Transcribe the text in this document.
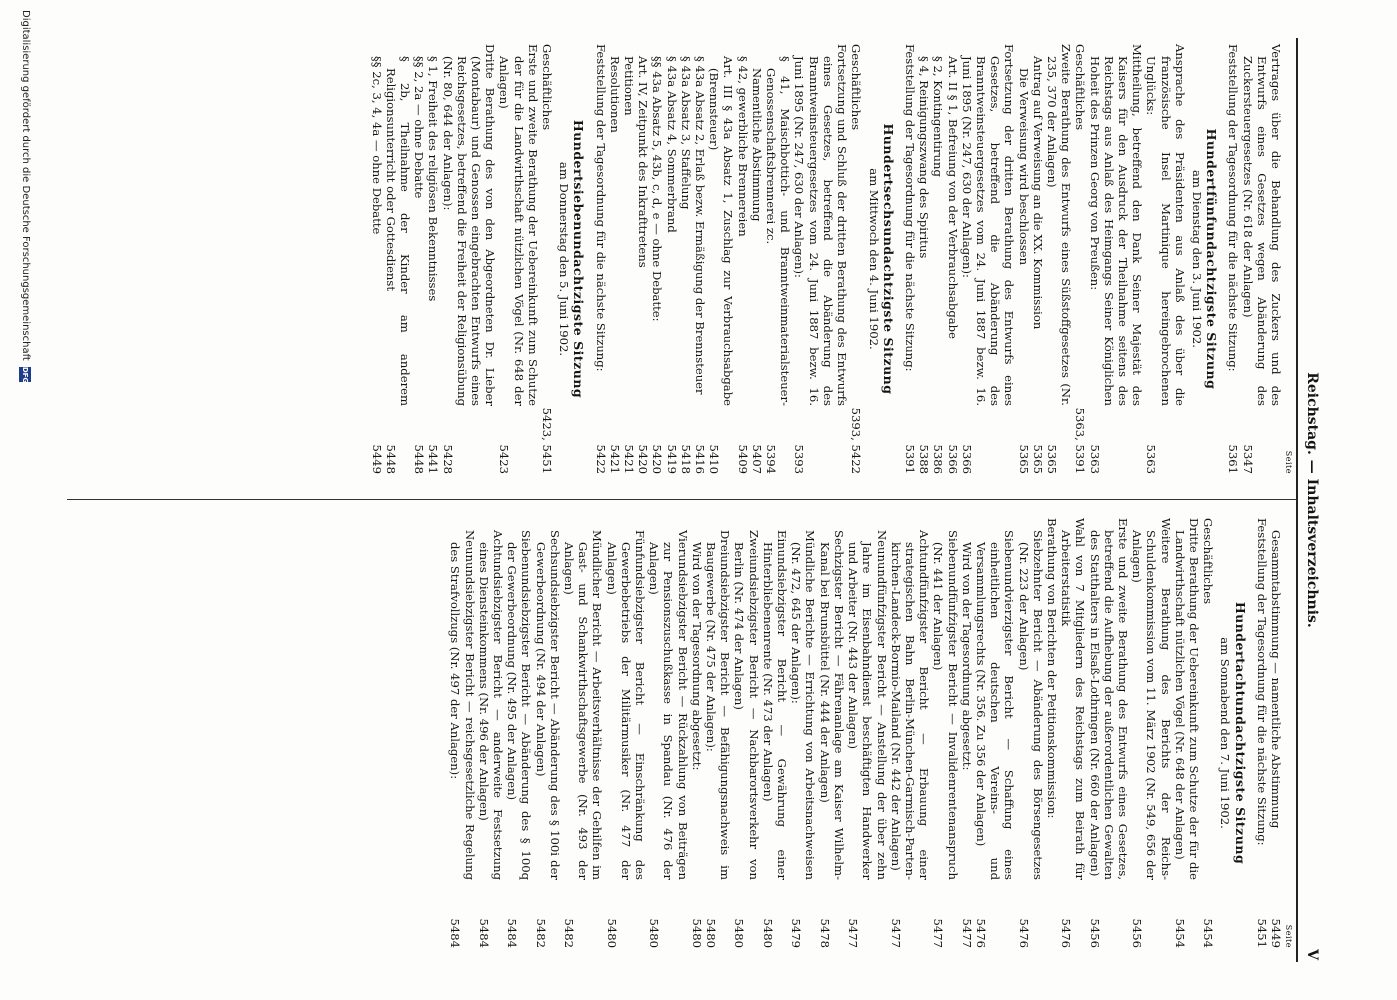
Reichstag. — Inhaltsverzeichnis.
V
Seite
Vertrages über die Behandlung des Zuckers und des Entwurfs eines Gesetzes wegen Abänderung des Zuckersteuergesetzes (Nr. 618 der Anlagen)
5347
Feststellung der Tagesordnung für die nächste Sitzung:
5361
Hundertfünfundachtzigste Sitzung
am Dienstag den 3. Juni 1902.
Ansprache des Präsidenten aus Anlaß des über die französische Insel Martinique hereingebrochenen Unglücks:
5363
Mittheilung, betreffend den Dank Seiner Majestät des Kaisers für den Ausdruck der Theilnahme seitens des Reichstags aus Anlaß des Heimgangs Seiner Königlichen Hoheit des Prinzen Georg von Preußen:
5363
Geschäftliches
5363, 5391
Zweite Berathung des Entwurfs eines Süßstoffgesetzes (Nr. 235, 370 der Anlagen)
5365
Antrag auf Verweisung an die XX. Kommission
5365
Die Verweisung wird beschlossen
5365
Fortsetzung der dritten Berathung des Entwurfs eines Gesetzes, betreffend die Abänderung des Branntweinsteuergesetzes vom 24. Juni 1887 bezw. 16. Juni 1895 (Nr. 247, 630 der Anlagen):
5366
Art. II § 1, Befreiung von der Verbrauchsabgabe
5366
§ 2, Kontingentirung
5386
§ 4, Reinigungszwang des Spiritus
5388
Feststellung der Tagesordnung für die nächste Sitzung:
5391
Hundertsechsundachtzigste Sitzung
am Mittwoch den 4. Juni 1902.
Geschäftliches
5393, 5422
Fortsetzung und Schluß der dritten Berathung des Entwurfs eines Gesetzes, betreffend die Abänderung des Branntweinsteuergesetzes vom 24. Juni 1887 bezw. 16. Juni 1895 (Nr. 247, 630 der Anlagen):
5393
§ 41, Maischbottich- und Branntweinmaterialsteuer-Genossenschaftsbrennerei zc.
5394
Namentliche Abstimmung
5407
§ 42, gewerbliche Brennereien
5409
Art. III § 43a Absatz 1, Zuschlag zur Verbrauchsabgabe (Brennsteuer)
5410
§ 43a Absatz 2, Erlaß bezw. Ermäßigung der Brennsteuer
5416
§ 43a Absatz 3, Staffelung
5418
§ 43a Absatz 4, Sommerbrand
5419
§§ 43a Absatz 5, 43b, c, d, e — ohne Debatte:
5420
Art. IV, Zeitpunkt des Inkrafttretens
5420
Petitionen
5421
Resolutionen
5421
Feststellung der Tagesordnung für die nächste Sitzung:
5422
Hundertsiebenundachtzigste Sitzung
am Donnerstag den 5. Juni 1902.
Geschäftliches
5423, 5451
Erste und zweite Berathung der Uebereinkunft zum Schutze der für die Landwirthschaft nützlichen Vögel (Nr. 648 der Anlagen)
5423
Dritte Berathung des von den Abgeordneten Dr. Lieber (Montabaur) und Genossen eingebrachten Entwurfs eines Reichsgesetzes, betreffend die Freiheit der Religionsübung (Nr. 80, 644 der Anlagen):
5428
§ 1, Freiheit des religiösen Bekenntnisses
5441
§§ 2, 2a — ohne Debatte
5448
§ 2b, Theilnahme der Kinder am anderem Religionsunterricht oder Gottesdienst
5448
§§ 2c, 3, 4, 4a — ohne Debatte
5449
Seite
Gesammtabstimmung — namentliche Abstimmung
5449
Feststellung der Tagesordnung für die nächste Sitzung:
5451
Hundertachtundachtzigste Sitzung
am Sonnabend den 7. Juni 1902.
Geschäftliches
5454
Dritte Berathung der Uebereinkunft zum Schutze der für die Landwirthschaft nützlichen Vögel (Nr. 648 der Anlagen)
5454
Weitere Berathung des Berichts der Reichs-Schuldenkommission vom 11. März 1902 (Nr. 549, 656 der Anlagen)
5456
Erste und zweite Berathung des Entwurfs eines Gesetzes, betreffend die Aufhebung der außerordentlichen Gewalten des Statthalters in Elsaß-Lothringen (Nr. 660 der Anlagen)
5456
Wahl von 7 Mitgliedern des Reichstags zum Beirath für Arbeiterstatistik
5476
Berathung von Berichten der Petitionskommission:
Siebzehnter Bericht — Abänderung des Börsengesetzes (Nr. 223 der Anlagen)
5476
Siebenundvierzigster Bericht — Schaffung eines einheitlichen deutschen Vereins- und Versammlungsrechts (Nr. 356. Zu 356 der Anlagen)
5476
Wird von der Tagesordnung abgesetzt:
5477
Siebenundfünfzigster Bericht — Invalidenrentenanspruch (Nr. 441 der Anlagen)
5477
Achtundfünfzigster Bericht — Erbauung einer strategischen Bahn Berlin-München-Garmisch-Parten-kirchen-Landeck-Bormio-Mailand (Nr. 442 der Anlagen)
5477
Neunundfünfzigster Bericht — Anstellung der über zehn Jahre im Eisenbahndienst beschäftigten Handwerker und Arbeiter (Nr. 443 der Anlagen)
5477
Sechzigster Bericht — Fährenanlage am Kaiser Wilhelm-Kanal bei Brunsbüttel (Nr. 444 der Anlagen)
5478
Mündliche Berichte — Errichtung von Arbeitsnachweisen (Nr. 472, 645 der Anlagen):
5479
Einundsiebzigster Bericht — Gewährung einer Hinterbliebenenrente (Nr. 473 der Anlagen)
5480
Zweiundsiebzigster Bericht — Nachbarortsverkehr von Berlin (Nr. 474 der Anlagen)
5480
Dreiundsiebzigster Bericht — Befähigungsnachweis im Baugewerbe (Nr. 475 der Anlagen):
5480
Wird von der Tagesordnung abgesetzt:
5480
Vierundsiebzigster Bericht — Rückzahlung von Beiträgen zur Pensionszuschußkasse in Spandau (Nr. 476 der Anlagen)
5480
Fünfundsiebzigster Bericht — Einschränkung des Gewerbebetriebs der Militärmusiker (Nr. 477 der Anlagen)
5480
Mündlicher Bericht — Arbeitsverhältnisse der Gehilfen im Gast- und Schankwirthschaftsgewerbe (Nr. 493 der Anlagen)
5482
Sechsundsiebzigster Bericht — Abänderung des § 100i der Gewerbeordnung (Nr. 494 der Anlagen)
5482
Siebenundsiebzigster Bericht — Abänderung des § 100q der Gewerbeordnung (Nr. 495 der Anlagen)
5484
Achtundsiebzigster Bericht — anderweite Festsetzung eines Diensteinkommens (Nr. 496 der Anlagen)
5484
Neunundsiebzigster Bericht — reichsgesetzliche Regelung des Strafvollzugs (Nr. 497 der Anlagen):
5484
Digitalisierung gefördert durch die Deutsche Forschungsgemeinschaft
DFG
